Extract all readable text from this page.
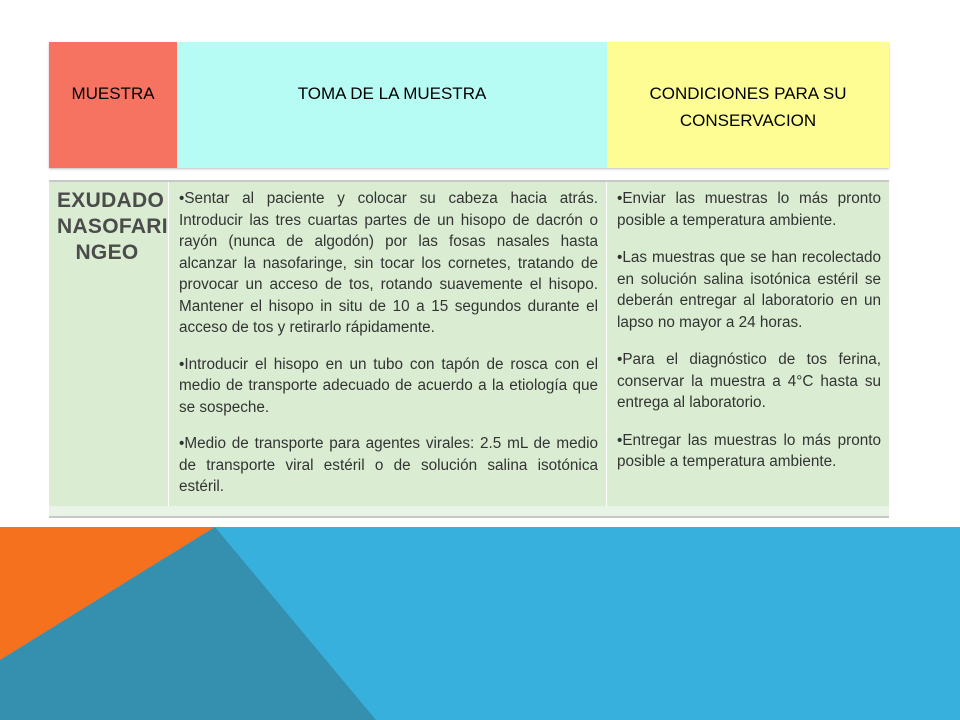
MUESTRA	TOMA DE LA MUESTRA	CONDICIONES PARA SU
CONSERVACION

EXUDADO

NASOFARI

NGEO

•Sentar al paciente y colocar su cabeza hacia atrás. Introducir las tres cuartas partes de un hisopo de dacrón o rayón (nunca de algodón) por las fosas nasales hasta alcanzar la nasofaringe, sin tocar los cornetes, tratando de provocar un acceso de tos, rotando suavemente el hisopo. Mantener el hisopo in situ de 10 a 15 segundos durante el acceso de tos y retirarlo rápidamente.

•Introducir el hisopo en un tubo con tapón de rosca con el medio de transporte adecuado de acuerdo a la etiología que se sospeche.

•Medio de transporte para agentes virales: 2.5 mL de medio de transporte viral estéril o de solución salina isotónica estéril.

•Enviar las muestras lo más pronto posible a temperatura ambiente.

•Las muestras que se han recolectado en solución salina isotónica estéril se deberán entregar al laboratorio en un lapso no mayor a 24 horas.

•Para el diagnóstico de tos ferina, conservar la muestra a 4°C hasta su entrega al laboratorio.

•Entregar las muestras lo más pronto posible a temperatura ambiente.
